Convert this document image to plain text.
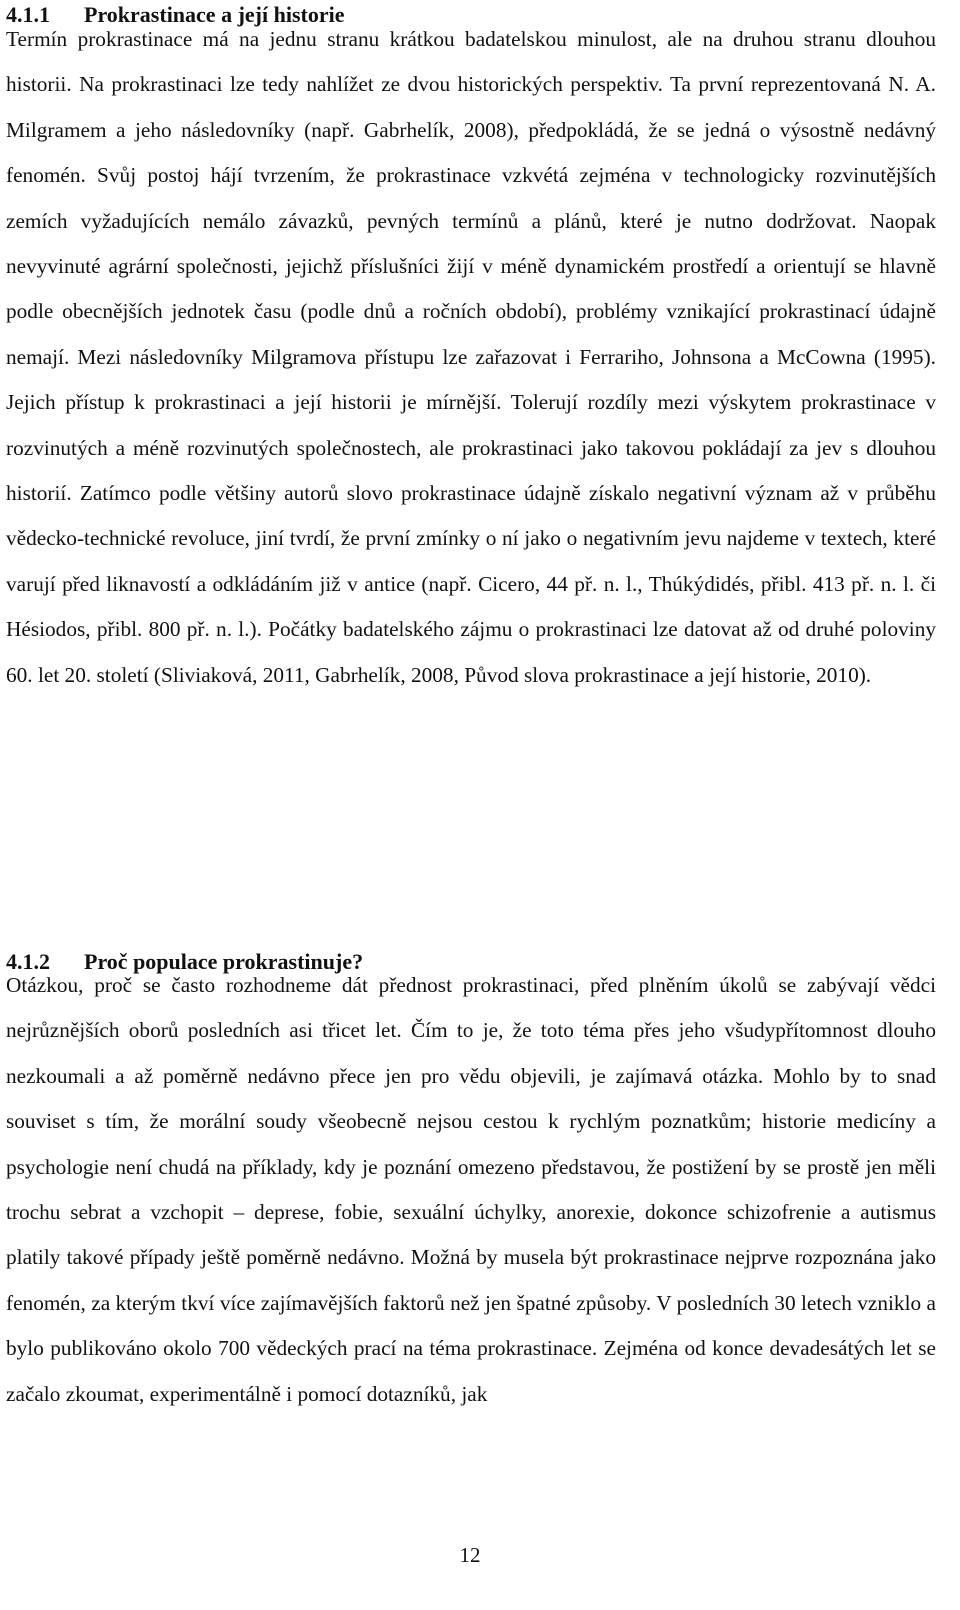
4.1.1 Prokrastinace a její historie

Termín prokrastinace má na jednu stranu krátkou badatelskou minulost, ale na druhou stranu dlouhou historii. Na prokrastinaci lze tedy nahlížet ze dvou historických perspektiv. Ta první reprezentovaná N. A. Milgramem a jeho následovníky (např. Gabrhelík, 2008), předpokládá, že se jedná o výsostně nedávný fenomén. Svůj postoj hájí tvrzením, že prokrastinace vzkvétá zejména v technologicky rozvinutějších zemích vyžadujících nemálo závazků, pevných termínů a plánů, které je nutno dodržovat. Naopak nevyvinuté agrární společnosti, jejichž příslušníci žijí v méně dynamickém prostředí a orientují se hlavně podle obecnějších jednotek času (podle dnů a ročních období), problémy vznikající prokrastinací údajně nemají. Mezi následovníky Milgramova přístupu lze zařazovat i Ferrariho, Johnsona a McCowna (1995). Jejich přístup k prokrastinaci a její historii je mírnější. Tolerují rozdíly mezi výskytem prokrastinace v rozvinutých a méně rozvinutých společnostech, ale prokrastinaci jako takovou pokládají za jev s dlouhou historií. Zatímco podle většiny autorů slovo prokrastinace údajně získalo negativní význam až v průběhu vědecko-technické revoluce, jiní tvrdí, že první zmínky o ní jako o negativním jevu najdeme v textech, které varují před liknavostí a odkládáním již v antice (např. Cicero, 44 př. n. l., Thúkýdidés, přibl. 413 př. n. l. či Hésiodos, přibl. 800 př. n. l.). Počátky badatelského zájmu o prokrastinaci lze datovat až od druhé poloviny 60. let 20. století (Sliviaková, 2011, Gabrhelík, 2008, Původ slova prokrastinace a její historie, 2010).

4.1.2 Proč populace prokrastinuje?

Otázkou, proč se často rozhodneme dát přednost prokrastinaci, před plněním úkolů se zabývají vědci nejrůznějších oborů posledních asi třicet let. Čím to je, že toto téma přes jeho všudypřítomnost dlouho nezkoumali a až poměrně nedávno přece jen pro vědu objevili, je zajímavá otázka. Mohlo by to snad souviset s tím, že morální soudy všeobecně nejsou cestou k rychlým poznatkům; historie medicíny a psychologie není chudá na příklady, kdy je poznání omezeno představou, že postižení by se prostě jen měli trochu sebrat a vzchopit – deprese, fobie, sexuální úchylky, anorexie, dokonce schizofrenie a autismus platily takové případy ještě poměrně nedávno. Možná by musela být prokrastinace nejprve rozpoznána jako fenomén, za kterým tkví více zajímavějších faktorů než jen špatné způsoby. V posledních 30 letech vzniklo a bylo publikováno okolo 700 vědeckých prací na téma prokrastinace. Zejména od konce devadesátých let se začalo zkoumat, experimentálně i pomocí dotazníků, jak

12
